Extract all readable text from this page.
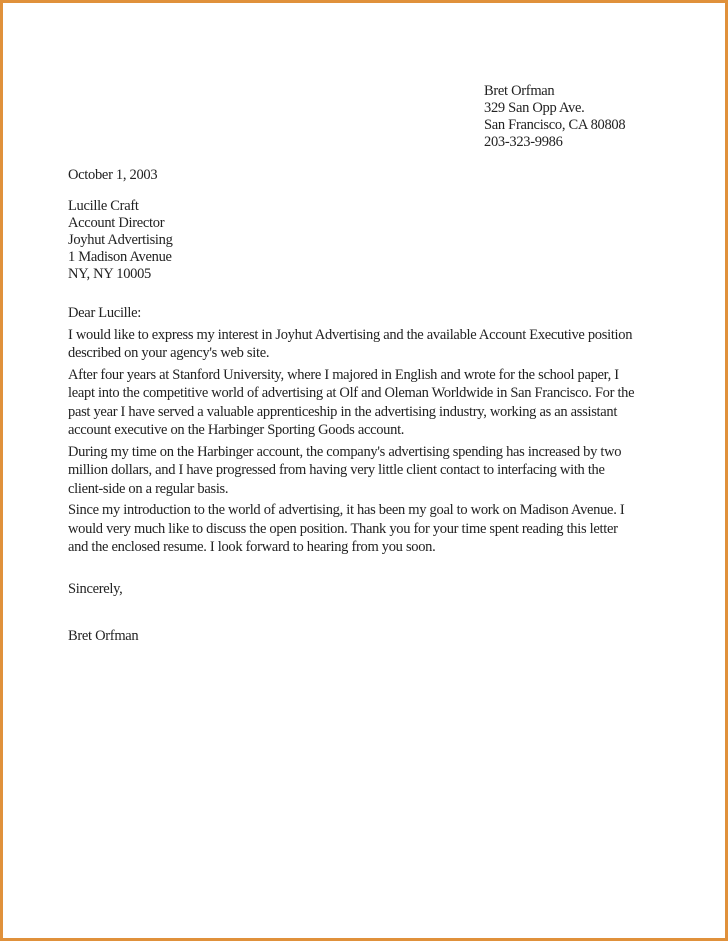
Bret Orfman
329 San Opp Ave.
San Francisco, CA 80808
203-323-9986
October 1, 2003
Lucille Craft
Account Director
Joyhut Advertising
1 Madison Avenue
NY, NY 10005
Dear Lucille:
I would like to express my interest in Joyhut Advertising and the available Account Executive position
described on your agency's web site.
After four years at Stanford University, where I majored in English and wrote for the school paper, I
leapt into the competitive world of advertising at Olf and Oleman Worldwide in San Francisco. For the
past year I have served a valuable apprenticeship in the advertising industry, working as an assistant
account executive on the Harbinger Sporting Goods account.
During my time on the Harbinger account, the company's advertising spending has increased by two
million dollars, and I have progressed from having very little client contact to interfacing with the
client-side on a regular basis.
Since my introduction to the world of advertising, it has been my goal to work on Madison Avenue. I
would very much like to discuss the open position. Thank you for your time spent reading this letter
and the enclosed resume. I look forward to hearing from you soon.
Sincerely,
Bret Orfman
